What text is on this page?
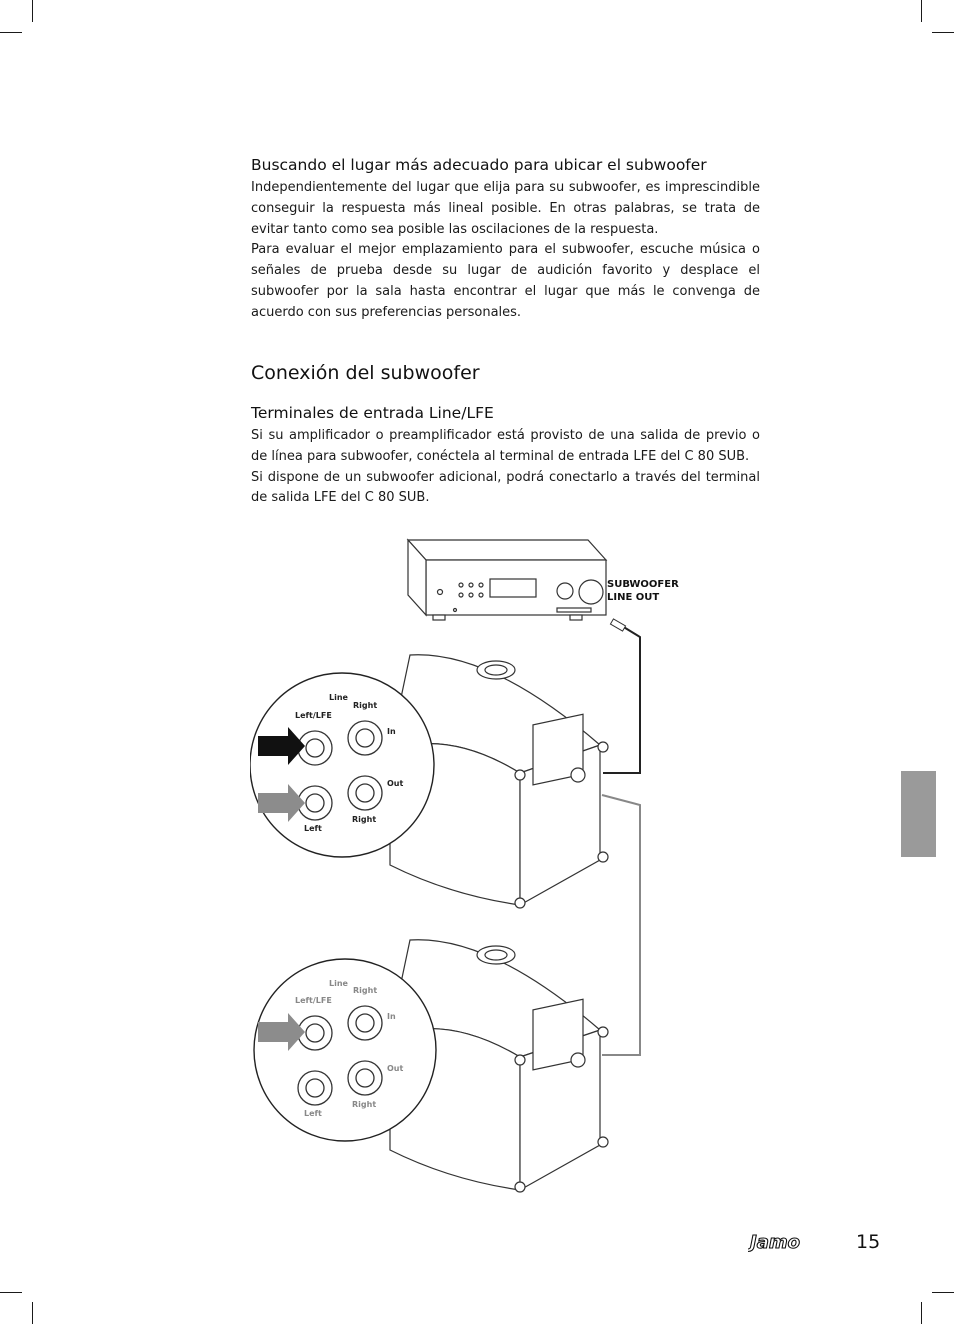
Buscando el lugar más adecuado para ubicar el subwoofer

Independientemente del lugar que elija para su subwoofer, es imprescindible conseguir la respuesta más lineal posible. En otras palabras, se trata de evitar tanto como sea posible las oscilaciones de la respuesta.

Para evaluar el mejor emplazamiento para el subwoofer, escuche música o señales de prueba desde su lugar de audición favorito y desplace el subwoofer por la sala hasta encontrar el lugar que más le convenga de acuerdo con sus preferencias personales.

Conexión del subwoofer
Terminales de entrada Line/LFE

Si su amplificador o preamplificador está provisto de una salida de previo o de línea para subwoofer, conéctela al terminal de entrada LFE del C 80 SUB.

Si dispone de un subwoofer adicional, podrá conectarlo a través del terminal de salida LFE del C 80 SUB.

SUBWOOFER
LINE OUT
Line
Left/LFE
Right
In
Out
Left
Right
Line
Left/LFE
Right
In
Out
Left
Right
Jamo	15
